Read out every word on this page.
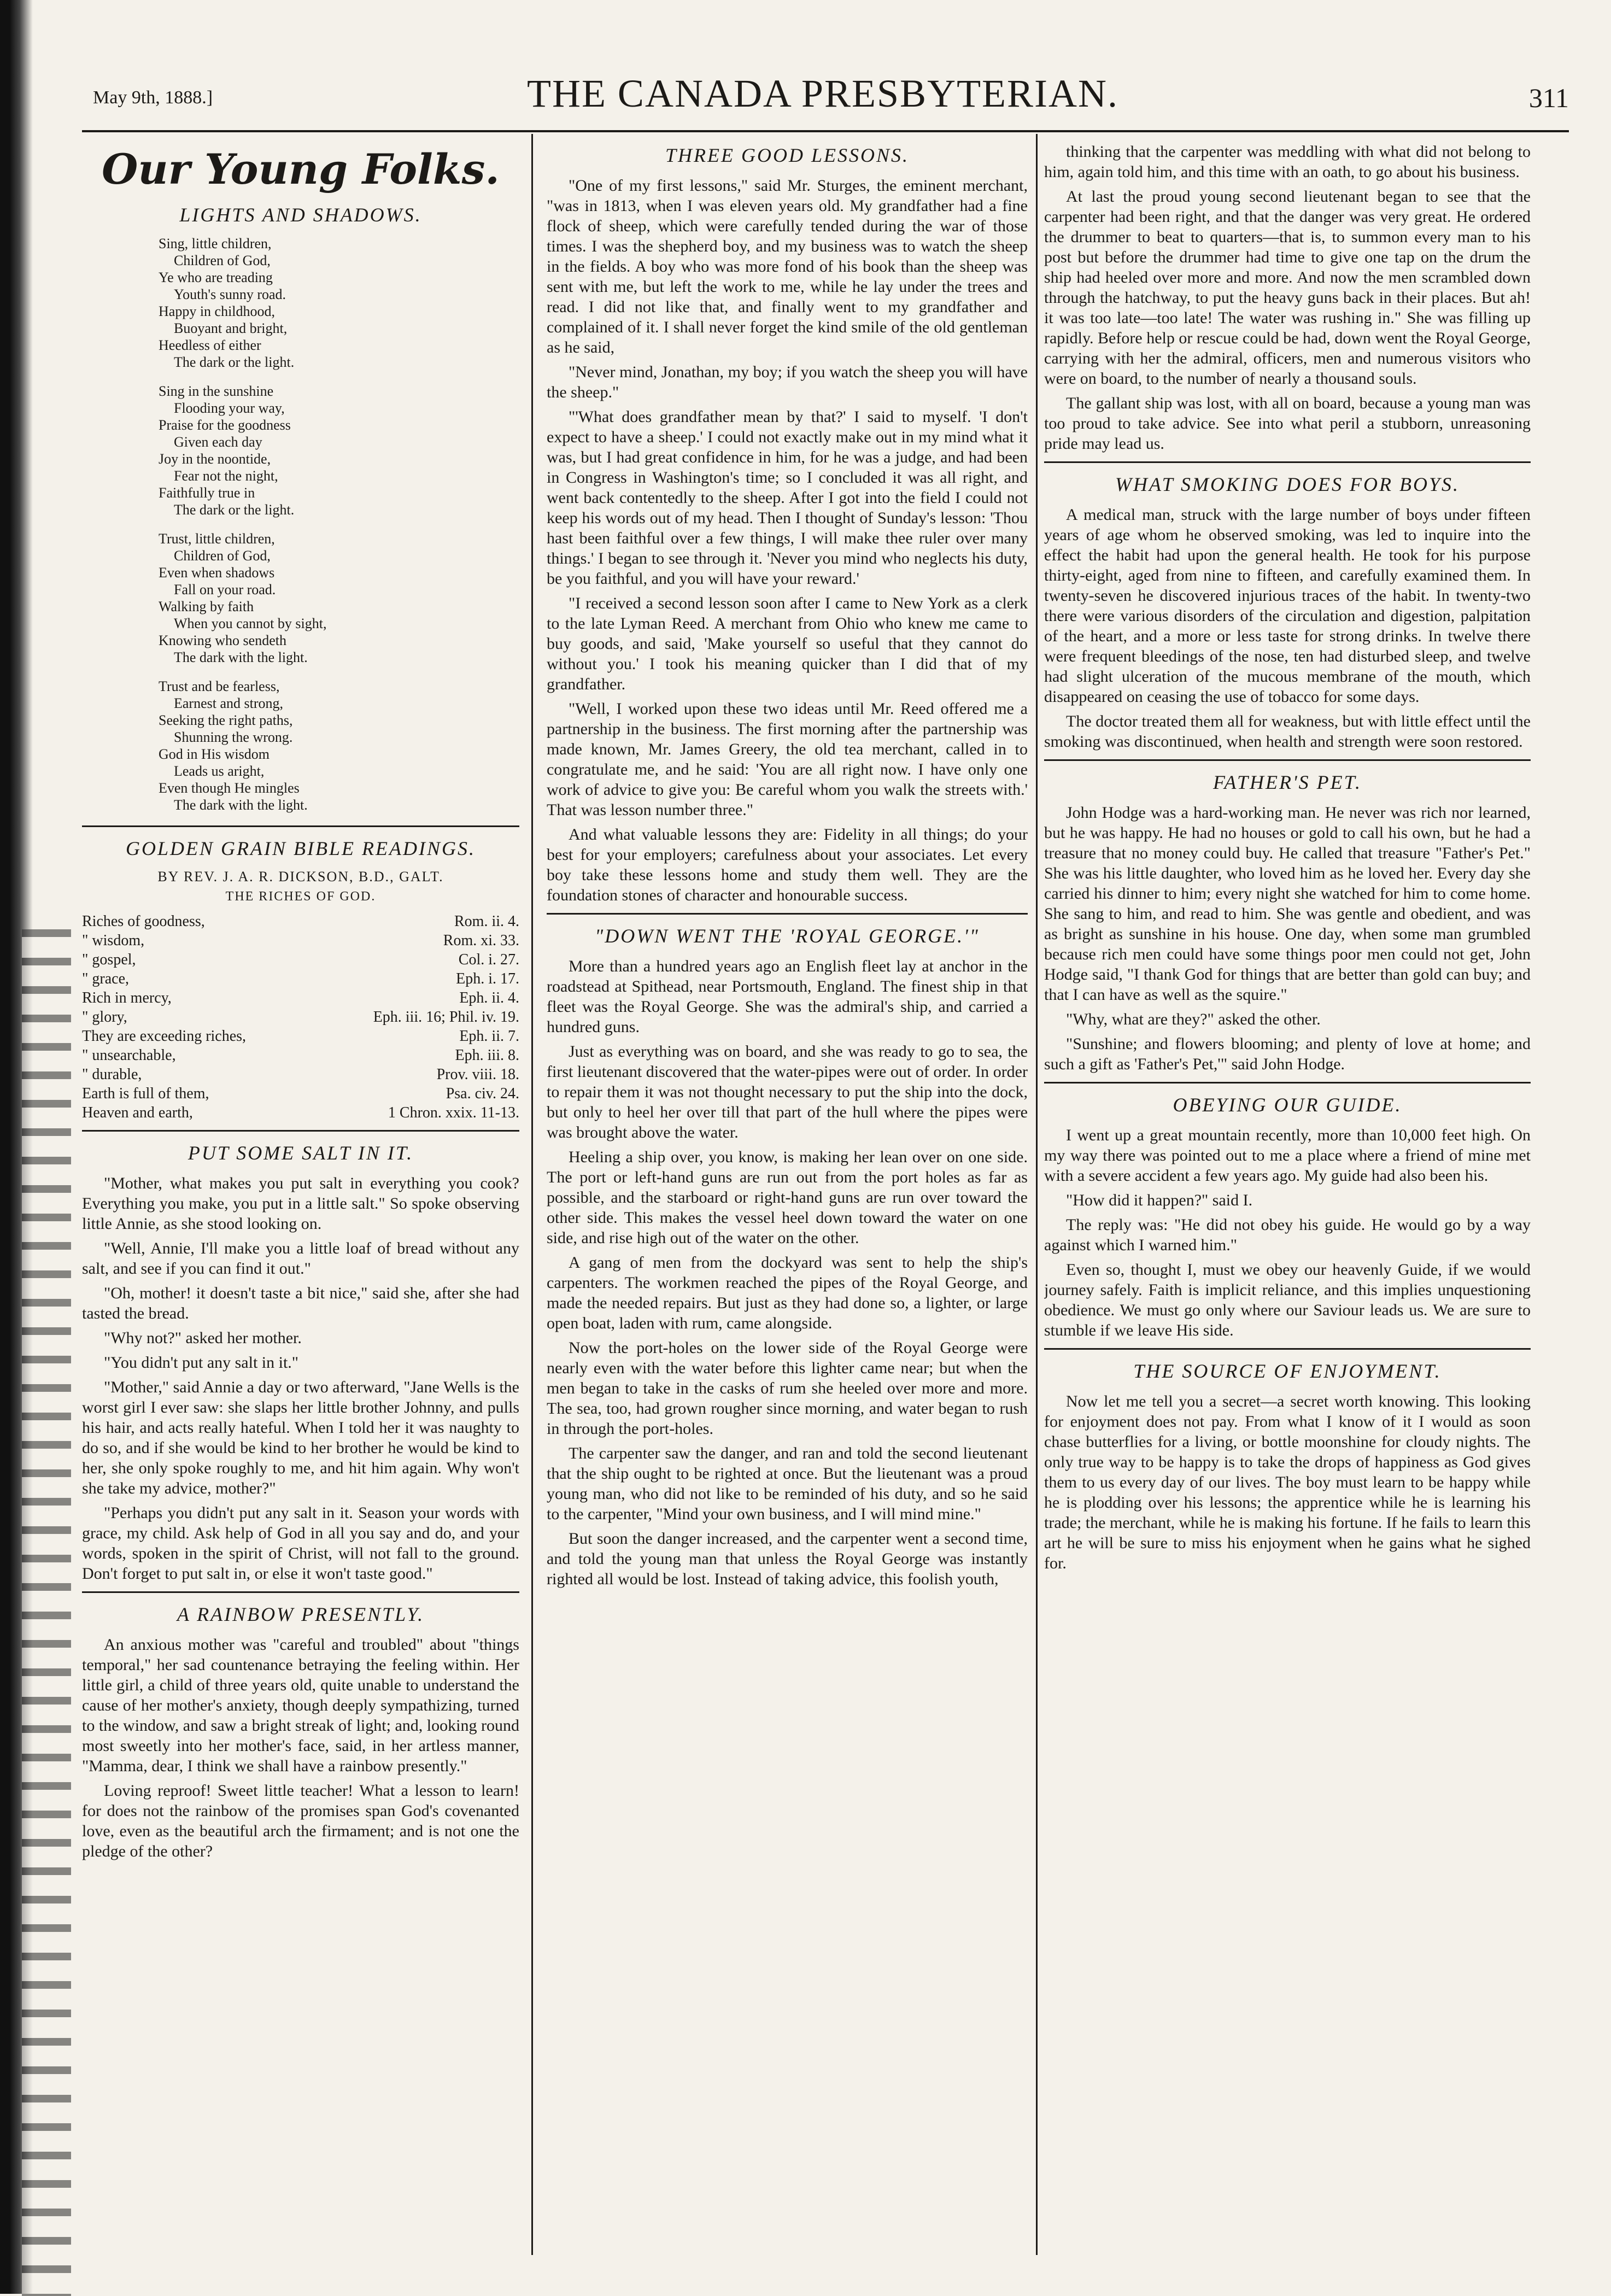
May 9th, 1888.]	THE CANADA PRESBYTERIAN.	311
Our Young Folks.
LIGHTS AND SHADOWS.
Sing, little children,
Children of God,
Ye who are treading
Youth's sunny road.
Happy in childhood,
Buoyant and bright,
Heedless of either
The dark or the light.
Sing in the sunshine
Flooding your way,
Praise for the goodness
Given each day
Joy in the noontide,
Fear not the night,
Faithfully true in
The dark or the light.
Trust, little children,
Children of God,
Even when shadows
Fall on your road.
Walking by faith
When you cannot by sight,
Knowing who sendeth
The dark with the light.
Trust and be fearless,
Earnest and strong,
Seeking the right paths,
Shunning the wrong.
God in His wisdom
Leads us aright,
Even though He mingles
The dark with the light.
GOLDEN GRAIN BIBLE READINGS.
BY REV. J. A. R. DICKSON, B.D., GALT.
THE RICHES OF GOD.
Riches of goodness,	Rom. ii. 4.
" wisdom,	Rom. xi. 33.
" gospel,	Col. i. 27.
" grace,	Eph. i. 17.
Rich in mercy,	Eph. ii. 4.
" glory,	Eph. iii. 16; Phil. iv. 19.
They are exceeding riches,	Eph. ii. 7.
" unsearchable,	Eph. iii. 8.
" durable,	Prov. viii. 18.
Earth is full of them,	Psa. civ. 24.
Heaven and earth,	1 Chron. xxix. 11-13.
PUT SOME SALT IN IT.

"Mother, what makes you put salt in everything you cook? Everything you make, you put in a little salt." So spoke observing little Annie, as she stood looking on.

"Well, Annie, I'll make you a little loaf of bread without any salt, and see if you can find it out."

"Oh, mother! it doesn't taste a bit nice," said she, after she had tasted the bread.

"Why not?" asked her mother.

"You didn't put any salt in it."

"Mother," said Annie a day or two afterward, "Jane Wells is the worst girl I ever saw: she slaps her little brother Johnny, and pulls his hair, and acts really hateful. When I told her it was naughty to do so, and if she would be kind to her brother he would be kind to her, she only spoke roughly to me, and hit him again. Why won't she take my advice, mother?"

"Perhaps you didn't put any salt in it. Season your words with grace, my child. Ask help of God in all you say and do, and your words, spoken in the spirit of Christ, will not fall to the ground. Don't forget to put salt in, or else it won't taste good."

A RAINBOW PRESENTLY.

An anxious mother was "careful and troubled" about "things temporal," her sad countenance betraying the feeling within. Her little girl, a child of three years old, quite unable to understand the cause of her mother's anxiety, though deeply sympathizing, turned to the window, and saw a bright streak of light; and, looking round most sweetly into her mother's face, said, in her artless manner, "Mamma, dear, I think we shall have a rainbow presently."

Loving reproof! Sweet little teacher! What a lesson to learn! for does not the rainbow of the promises span God's covenanted love, even as the beautiful arch the firmament; and is not one the pledge of the other?

THREE GOOD LESSONS.

"One of my first lessons," said Mr. Sturges, the eminent merchant, "was in 1813, when I was eleven years old. My grandfather had a fine flock of sheep, which were carefully tended during the war of those times. I was the shepherd boy, and my business was to watch the sheep in the fields. A boy who was more fond of his book than the sheep was sent with me, but left the work to me, while he lay under the trees and read. I did not like that, and finally went to my grandfather and complained of it. I shall never forget the kind smile of the old gentleman as he said,

"Never mind, Jonathan, my boy; if you watch the sheep you will have the sheep."

"'What does grandfather mean by that?' I said to myself. 'I don't expect to have a sheep.' I could not exactly make out in my mind what it was, but I had great confidence in him, for he was a judge, and had been in Congress in Washington's time; so I concluded it was all right, and went back contentedly to the sheep. After I got into the field I could not keep his words out of my head. Then I thought of Sunday's lesson: 'Thou hast been faithful over a few things, I will make thee ruler over many things.' I began to see through it. 'Never you mind who neglects his duty, be you faithful, and you will have your reward.'

"I received a second lesson soon after I came to New York as a clerk to the late Lyman Reed. A merchant from Ohio who knew me came to buy goods, and said, 'Make yourself so useful that they cannot do without you.' I took his meaning quicker than I did that of my grandfather.

"Well, I worked upon these two ideas until Mr. Reed offered me a partnership in the business. The first morning after the partnership was made known, Mr. James Greery, the old tea merchant, called in to congratulate me, and he said: 'You are all right now. I have only one work of advice to give you: Be careful whom you walk the streets with.' That was lesson number three."

And what valuable lessons they are: Fidelity in all things; do your best for your employers; carefulness about your associates. Let every boy take these lessons home and study them well. They are the foundation stones of character and honourable success.

"DOWN WENT THE 'ROYAL GEORGE.'"

More than a hundred years ago an English fleet lay at anchor in the roadstead at Spithead, near Portsmouth, England. The finest ship in that fleet was the Royal George. She was the admiral's ship, and carried a hundred guns.

Just as everything was on board, and she was ready to go to sea, the first lieutenant discovered that the water-pipes were out of order. In order to repair them it was not thought necessary to put the ship into the dock, but only to heel her over till that part of the hull where the pipes were was brought above the water.

Heeling a ship over, you know, is making her lean over on one side. The port or left-hand guns are run out from the port holes as far as possible, and the starboard or right-hand guns are run over toward the other side. This makes the vessel heel down toward the water on one side, and rise high out of the water on the other.

A gang of men from the dockyard was sent to help the ship's carpenters. The workmen reached the pipes of the Royal George, and made the needed repairs. But just as they had done so, a lighter, or large open boat, laden with rum, came alongside.

Now the port-holes on the lower side of the Royal George were nearly even with the water before this lighter came near; but when the men began to take in the casks of rum she heeled over more and more. The sea, too, had grown rougher since morning, and water began to rush in through the port-holes.

The carpenter saw the danger, and ran and told the second lieutenant that the ship ought to be righted at once. But the lieutenant was a proud young man, who did not like to be reminded of his duty, and so he said to the carpenter, "Mind your own business, and I will mind mine."

But soon the danger increased, and the carpenter went a second time, and told the young man that unless the Royal George was instantly righted all would be lost. Instead of taking advice, this foolish youth,

thinking that the carpenter was meddling with what did not belong to him, again told him, and this time with an oath, to go about his business.

At last the proud young second lieutenant began to see that the carpenter had been right, and that the danger was very great. He ordered the drummer to beat to quarters—that is, to summon every man to his post but before the drummer had time to give one tap on the drum the ship had heeled over more and more. And now the men scrambled down through the hatchway, to put the heavy guns back in their places. But ah! it was too late—too late! The water was rushing in." She was filling up rapidly. Before help or rescue could be had, down went the Royal George, carrying with her the admiral, officers, men and numerous visitors who were on board, to the number of nearly a thousand souls.

The gallant ship was lost, with all on board, because a young man was too proud to take advice. See into what peril a stubborn, unreasoning pride may lead us.

WHAT SMOKING DOES FOR BOYS.

A medical man, struck with the large number of boys under fifteen years of age whom he observed smoking, was led to inquire into the effect the habit had upon the general health. He took for his purpose thirty-eight, aged from nine to fifteen, and carefully examined them. In twenty-seven he discovered injurious traces of the habit. In twenty-two there were various disorders of the circulation and digestion, palpitation of the heart, and a more or less taste for strong drinks. In twelve there were frequent bleedings of the nose, ten had disturbed sleep, and twelve had slight ulceration of the mucous membrane of the mouth, which disappeared on ceasing the use of tobacco for some days.

The doctor treated them all for weakness, but with little effect until the smoking was discontinued, when health and strength were soon restored.

FATHER'S PET.

John Hodge was a hard-working man. He never was rich nor learned, but he was happy. He had no houses or gold to call his own, but he had a treasure that no money could buy. He called that treasure "Father's Pet." She was his little daughter, who loved him as he loved her. Every day she carried his dinner to him; every night she watched for him to come home. She sang to him, and read to him. She was gentle and obedient, and was as bright as sunshine in his house. One day, when some man grumbled because rich men could have some things poor men could not get, John Hodge said, "I thank God for things that are better than gold can buy; and that I can have as well as the squire."

"Why, what are they?" asked the other.

"Sunshine; and flowers blooming; and plenty of love at home; and such a gift as 'Father's Pet,'" said John Hodge.

OBEYING OUR GUIDE.

I went up a great mountain recently, more than 10,000 feet high. On my way there was pointed out to me a place where a friend of mine met with a severe accident a few years ago. My guide had also been his.

"How did it happen?" said I.

The reply was: "He did not obey his guide. He would go by a way against which I warned him."

Even so, thought I, must we obey our heavenly Guide, if we would journey safely. Faith is implicit reliance, and this implies unquestioning obedience. We must go only where our Saviour leads us. We are sure to stumble if we leave His side.

THE SOURCE OF ENJOYMENT.

Now let me tell you a secret—a secret worth knowing. This looking for enjoyment does not pay. From what I know of it I would as soon chase butterflies for a living, or bottle moonshine for cloudy nights. The only true way to be happy is to take the drops of happiness as God gives them to us every day of our lives. The boy must learn to be happy while he is plodding over his lessons; the apprentice while he is learning his trade; the merchant, while he is making his fortune. If he fails to learn this art he will be sure to miss his enjoyment when he gains what he sighed for.
